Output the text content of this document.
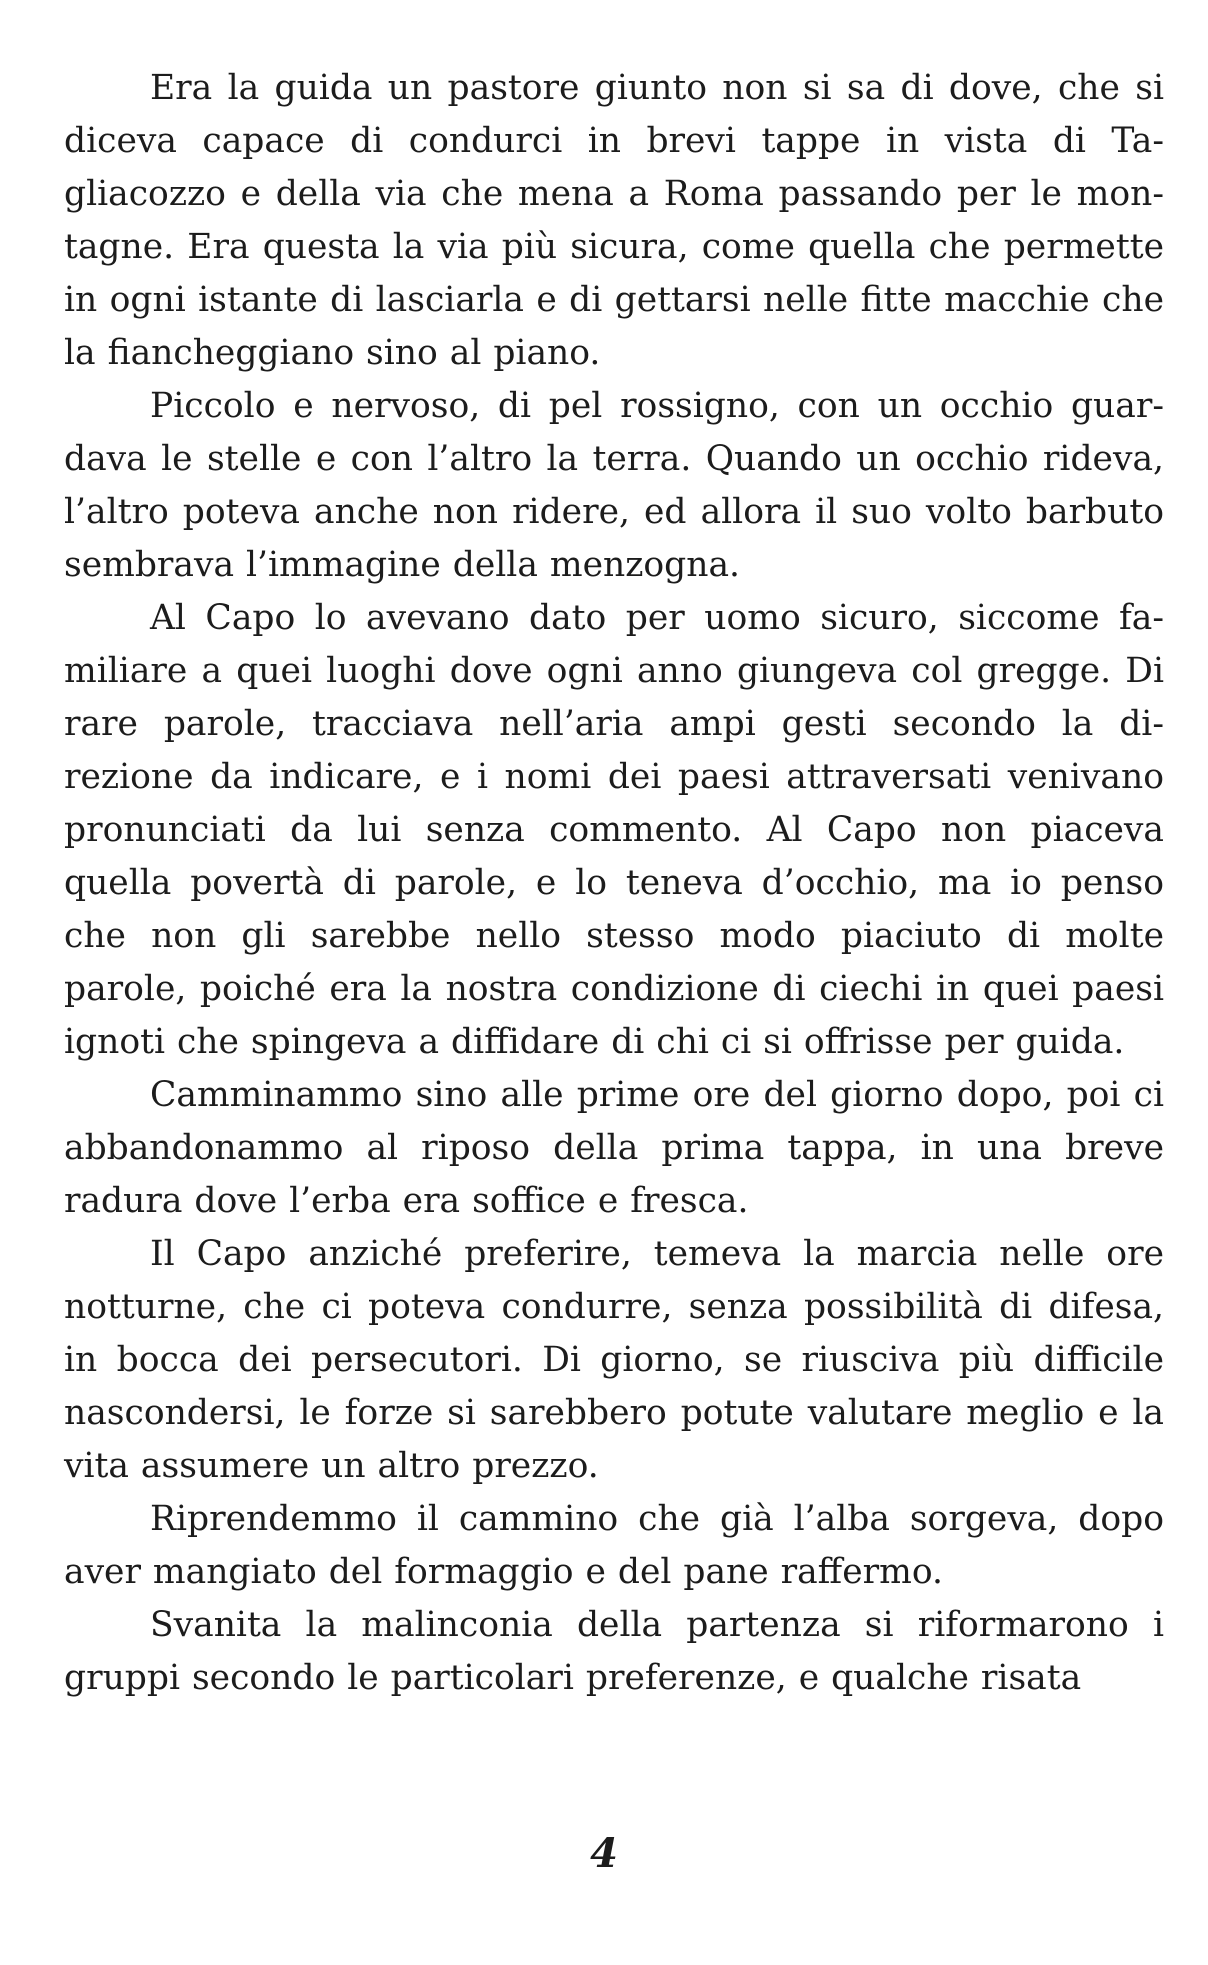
Era la guida un pastore giunto non si sa di dove, che si diceva capace di condurci in brevi tappe in vista di Tagliacozzo e della via che mena a Roma passando per le montagne. Era questa la via più sicura, come quella che permette in ogni istante di lasciarla e di gettarsi nelle fitte macchie che la fiancheggiano sino al piano.

Piccolo e nervoso, di pel rossigno, con un occhio guardava le stelle e con l’altro la terra. Quando un occhio rideva, l’altro poteva anche non ridere, ed allora il suo volto barbuto sembrava l’immagine della menzogna.

Al Capo lo avevano dato per uomo sicuro, siccome familiare a quei luoghi dove ogni anno giungeva col gregge. Di rare parole, tracciava nell’aria ampi gesti secondo la direzione da indicare, e i nomi dei paesi attraversati venivano pronunciati da lui senza commento. Al Capo non piaceva quella povertà di parole, e lo teneva d’occhio, ma io penso che non gli sarebbe nello stesso modo piaciuto di molte parole, poiché era la nostra condizione di ciechi in quei paesi ignoti che spingeva a diffidare di chi ci si offrisse per guida.

Camminammo sino alle prime ore del giorno dopo, poi ci abbandonammo al riposo della prima tappa, in una breve radura dove l’erba era soffice e fresca.

Il Capo anziché preferire, temeva la marcia nelle ore notturne, che ci poteva condurre, senza possibilità di difesa, in bocca dei persecutori. Di giorno, se riusciva più difficile nascondersi, le forze si sarebbero potute valutare meglio e la vita assumere un altro prezzo.

Riprendemmo il cammino che già l’alba sorgeva, dopo aver mangiato del formaggio e del pane raffermo.

Svanita la malinconia della partenza si riformarono i gruppi secondo le particolari preferenze, e qualche risata

4
